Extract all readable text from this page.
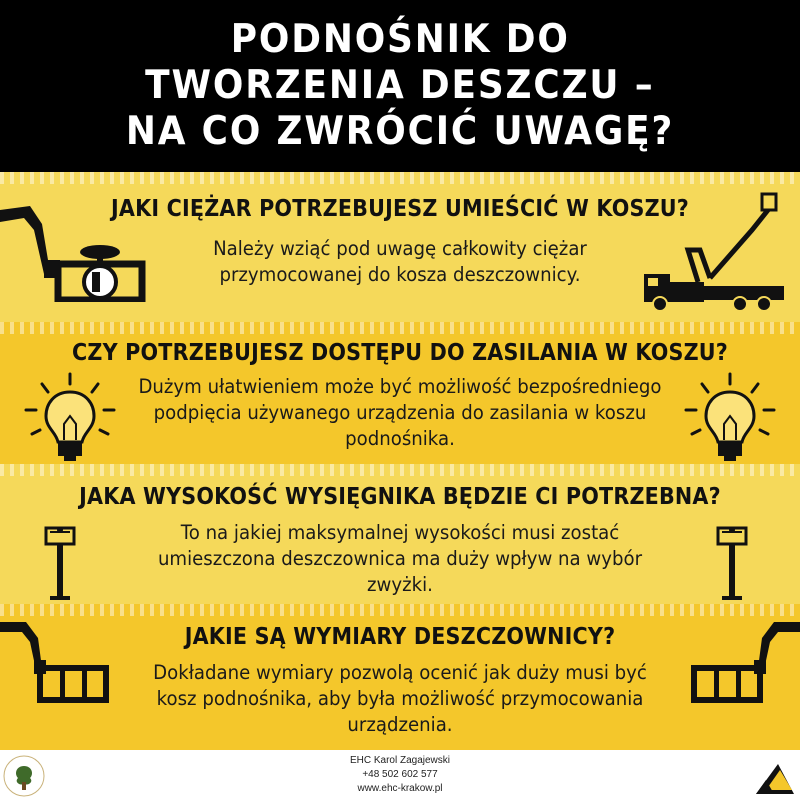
PODNOŚNIK DO
TWORZENIA DESZCZU –
NA CO ZWRÓCIĆ UWAGĘ?
JAKI CIĘŻAR POTRZEBUJESZ UMIEŚCIĆ W KOSZU?
Należy wziąć pod uwagę całkowity ciężar
przymocowanej do kosza deszczownicy.
CZY POTRZEBUJESZ DOSTĘPU DO ZASILANIA W KOSZU?
Dużym ułatwieniem może być możliwość bezpośredniego
podpięcia używanego urządzenia do zasilania w koszu
podnośnika.
JAKA WYSOKOŚĆ WYSIĘGNIKA BĘDZIE CI POTRZEBNA?
To na jakiej maksymalnej wysokości musi zostać
umieszczona deszczownica ma duży wpływ na wybór
zwyżki.
JAKIE SĄ WYMIARY DESZCZOWNICY?
Dokładane wymiary pozwolą ocenić jak duży musi być
kosz podnośnika, aby była możliwość przymocowania
urządzenia.
EHC Karol Zagajewski
+48 502 602 577
www.ehc-krakow.pl
